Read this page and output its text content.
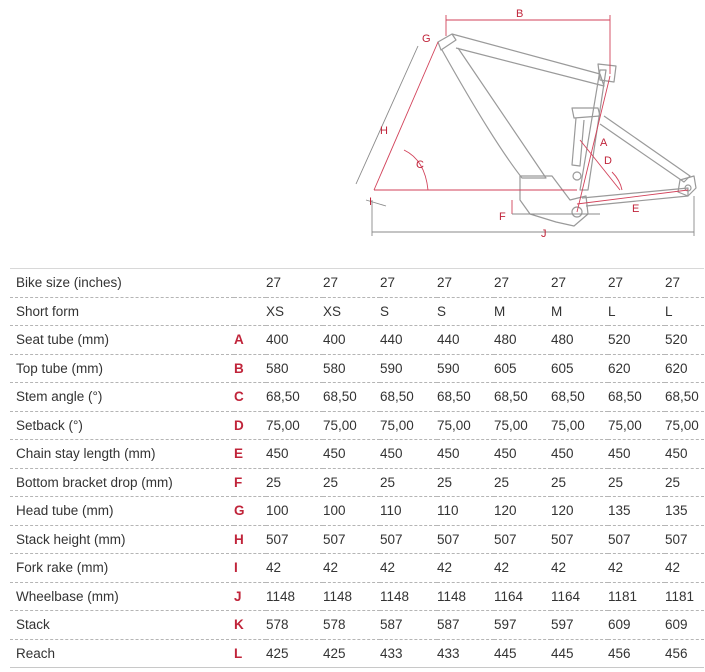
B
G
H
C
A
D
E
I
F
J
Bike size (inches)		27	27	27	27	27	27	27	27
Short form		XS	XS	S	S	M	M	L	L
Seat tube (mm)	A	400	400	440	440	480	480	520	520
Top tube (mm)	B	580	580	590	590	605	605	620	620
Stem angle (°)	C	68,50	68,50	68,50	68,50	68,50	68,50	68,50	68,50
Setback (°)	D	75,00	75,00	75,00	75,00	75,00	75,00	75,00	75,00
Chain stay length (mm)	E	450	450	450	450	450	450	450	450
Bottom bracket drop (mm)	F	25	25	25	25	25	25	25	25
Head tube (mm)	G	100	100	110	110	120	120	135	135
Stack height (mm)	H	507	507	507	507	507	507	507	507
Fork rake (mm)	I	42	42	42	42	42	42	42	42
Wheelbase (mm)	J	1148	1148	1148	1148	1164	1164	1181	1181
Stack	K	578	578	587	587	597	597	609	609
Reach	L	425	425	433	433	445	445	456	456
